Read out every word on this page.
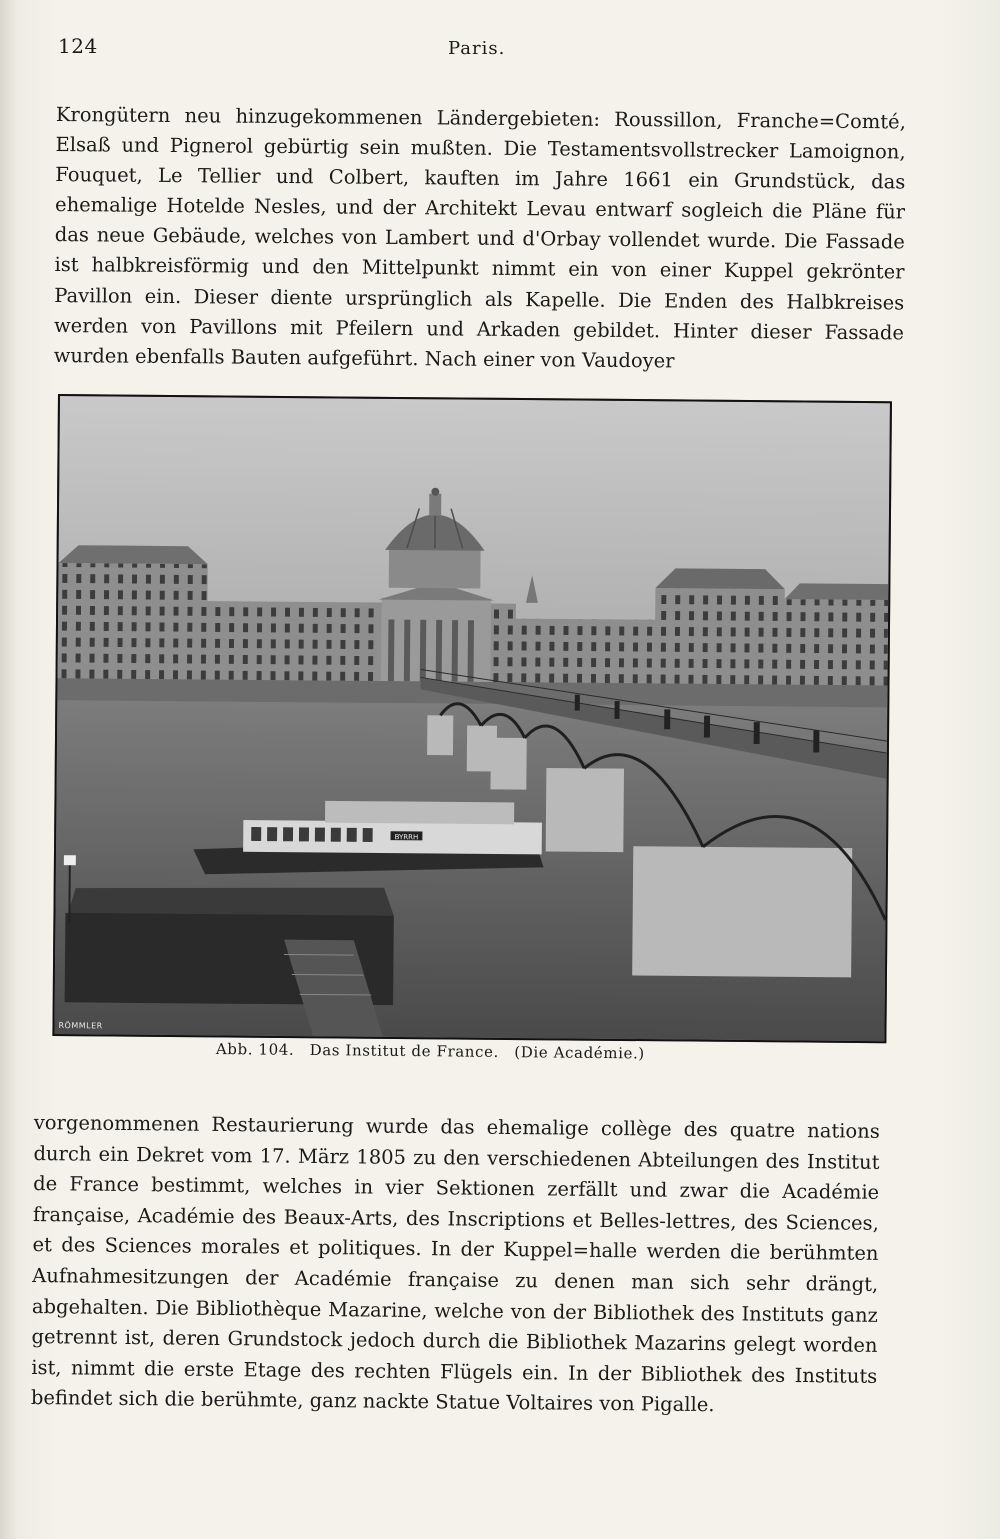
124	Paris.

Krongütern neu hinzugekommenen Ländergebieten: Roussillon, Franche=Comté, Elsaß und Pignerol gebürtig sein mußten. Die Testamentsvollstrecker Lamoignon, Fouquet, Le Tellier und Colbert, kauften im Jahre 1661 ein Grundstück, das ehemalige Hotelde Nesles, und der Architekt Levau entwarf sogleich die Pläne für das neue Gebäude, welches von Lambert und d'Orbay vollendet wurde. Die Fassade ist halbkreisförmig und den Mittelpunkt nimmt ein von einer Kuppel gekrönter Pavillon ein. Dieser diente ursprünglich als Kapelle. Die Enden des Halbkreises werden von Pavillons mit Pfeilern und Arkaden gebildet. Hinter dieser Fassade wurden ebenfalls Bauten aufgeführt. Nach einer von Vaudoyer

BYRRH
RÖMMLER
Abb. 104. Das Institut de France. (Die Académie.)

vorgenommenen Restaurierung wurde das ehemalige collège des quatre nations durch ein Dekret vom 17. März 1805 zu den verschiedenen Abteilungen des Institut de France bestimmt, welches in vier Sektionen zerfällt und zwar die Académie française, Académie des Beaux-Arts, des Inscriptions et Belles-lettres, des Sciences, et des Sciences morales et politiques. In der Kuppel=halle werden die berühmten Aufnahmesitzungen der Académie française zu denen man sich sehr drängt, abgehalten. Die Bibliothèque Mazarine, welche von der Bibliothek des Instituts ganz getrennt ist, deren Grundstock jedoch durch die Bibliothek Mazarins gelegt worden ist, nimmt die erste Etage des rechten Flügels ein. In der Bibliothek des Instituts befindet sich die berühmte, ganz nackte Statue Voltaires von Pigalle.
